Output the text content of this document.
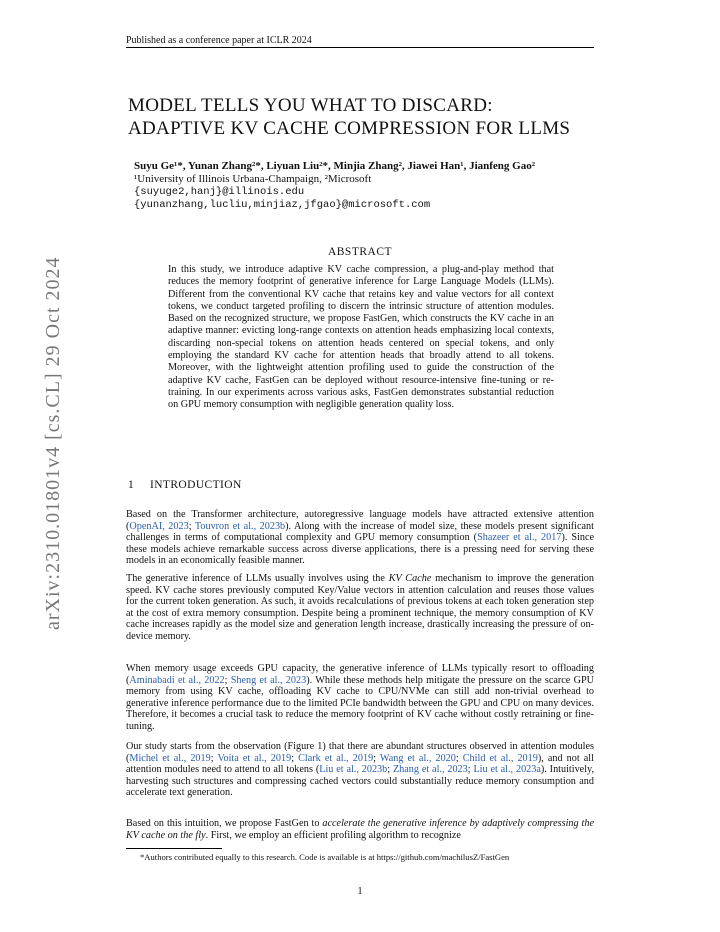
Published as a conference paper at ICLR 2024
arXiv:2310.01801v4 [cs.CL] 29 Oct 2024
MODEL TELLS YOU WHAT TO DISCARD:
ADAPTIVE KV CACHE COMPRESSION FOR LLMS
Suyu Ge¹*, Yunan Zhang²*, Liyuan Liu²*, Minjia Zhang², Jiawei Han¹, Jianfeng Gao²
¹University of Illinois Urbana-Champaign, ²Microsoft
{suyuge2,hanj}@illinois.edu
{yunanzhang,lucliu,minjiaz,jfgao}@microsoft.com
ABSTRACT
In this study, we introduce adaptive KV cache compression, a plug-and-play method that reduces the memory footprint of generative inference for Large Language Models (LLMs). Different from the conventional KV cache that retains key and value vectors for all context tokens, we conduct targeted profiling to discern the intrinsic structure of attention modules. Based on the recognized structure, we propose FastGen, which constructs the KV cache in an adaptive manner: evicting long-range contexts on attention heads emphasizing local contexts, discarding non-special tokens on attention heads centered on special tokens, and only employing the standard KV cache for attention heads that broadly attend to all tokens. Moreover, with the lightweight attention profiling used to guide the construction of the adaptive KV cache, FastGen can be deployed without resource-intensive fine-tuning or re-training. In our experiments across various asks, FastGen demonstrates substantial reduction on GPU memory consumption with negligible generation quality loss.
1 INTRODUCTION
Based on the Transformer architecture, autoregressive language models have attracted extensive attention (OpenAI, 2023; Touvron et al., 2023b). Along with the increase of model size, these models present significant challenges in terms of computational complexity and GPU memory consumption (Shazeer et al., 2017). Since these models achieve remarkable success across diverse applications, there is a pressing need for serving these models in an economically feasible manner.
The generative inference of LLMs usually involves using the KV Cache mechanism to improve the generation speed. KV cache stores previously computed Key/Value vectors in attention calculation and reuses those values for the current token generation. As such, it avoids recalculations of previous tokens at each token generation step at the cost of extra memory consumption. Despite being a prominent technique, the memory consumption of KV cache increases rapidly as the model size and generation length increase, drastically increasing the pressure of on-device memory.
When memory usage exceeds GPU capacity, the generative inference of LLMs typically resort to offloading (Aminabadi et al., 2022; Sheng et al., 2023). While these methods help mitigate the pressure on the scarce GPU memory from using KV cache, offloading KV cache to CPU/NVMe can still add non-trivial overhead to generative inference performance due to the limited PCIe bandwidth between the GPU and CPU on many devices. Therefore, it becomes a crucial task to reduce the memory footprint of KV cache without costly retraining or fine-tuning.
Our study starts from the observation (Figure 1) that there are abundant structures observed in attention modules (Michel et al., 2019; Voita et al., 2019; Clark et al., 2019; Wang et al., 2020; Child et al., 2019), and not all attention modules need to attend to all tokens (Liu et al., 2023b; Zhang et al., 2023; Liu et al., 2023a). Intuitively, harvesting such structures and compressing cached vectors could substantially reduce memory consumption and accelerate text generation.
Based on this intuition, we propose FastGen to accelerate the generative inference by adaptively compressing the KV cache on the fly. First, we employ an efficient profiling algorithm to recognize
*Authors contributed equally to this research. Code is available is at https://github.com/machilusZ/FastGen
1
